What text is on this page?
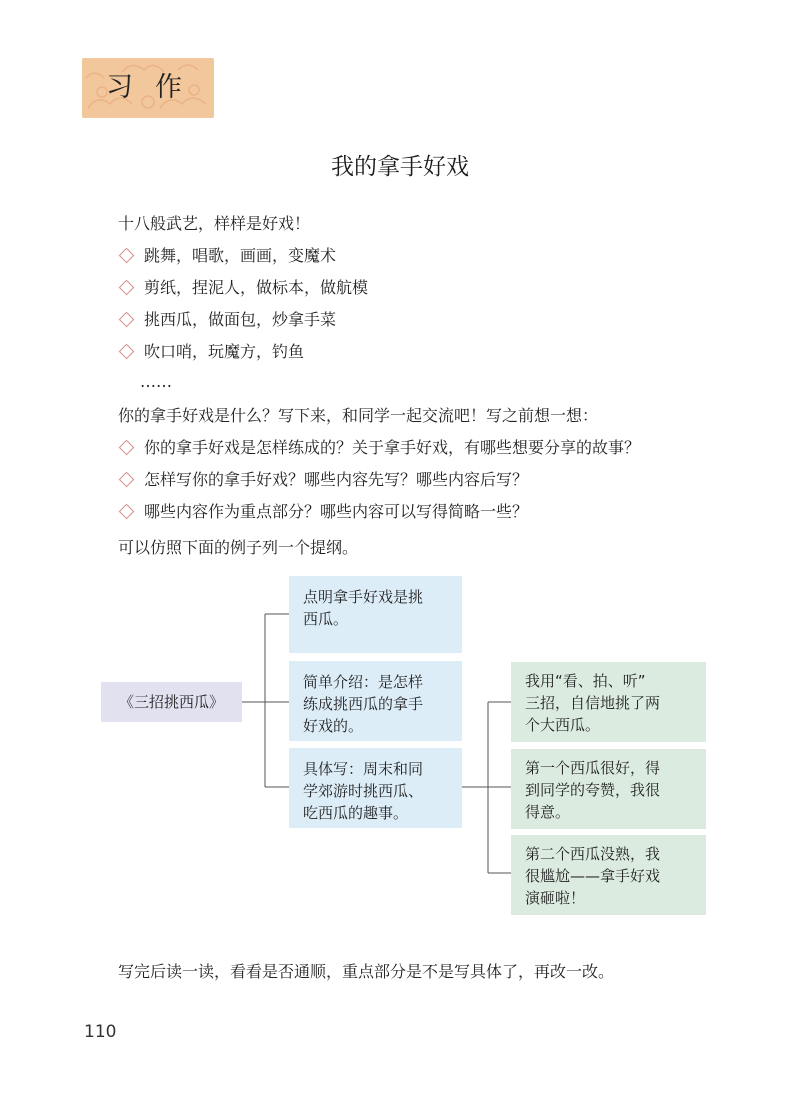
习作
我的拿手好戏
十八般武艺，样样是好戏！
跳舞，唱歌，画画，变魔术
剪纸，捏泥人，做标本，做航模
挑西瓜，做面包，炒拿手菜
吹口哨，玩魔方，钓鱼
……
你的拿手好戏是什么？写下来，和同学一起交流吧！写之前想一想：
你的拿手好戏是怎样练成的？关于拿手好戏，有哪些想要分享的故事？
怎样写你的拿手好戏？哪些内容先写？哪些内容后写？
哪些内容作为重点部分？哪些内容可以写得简略一些？
可以仿照下面的例子列一个提纲。
《三招挑西瓜》
点明拿手好戏是挑
西瓜。
简单介绍：是怎样
练成挑西瓜的拿手
好戏的。
具体写：周末和同
学郊游时挑西瓜、
吃西瓜的趣事。
我用“看、拍、听”
三招，自信地挑了两
个大西瓜。
第一个西瓜很好，得
到同学的夸赞，我很
得意。
第二个西瓜没熟，我
很尴尬——拿手好戏
演砸啦！
写完后读一读，看看是否通顺，重点部分是不是写具体了，再改一改。
110
